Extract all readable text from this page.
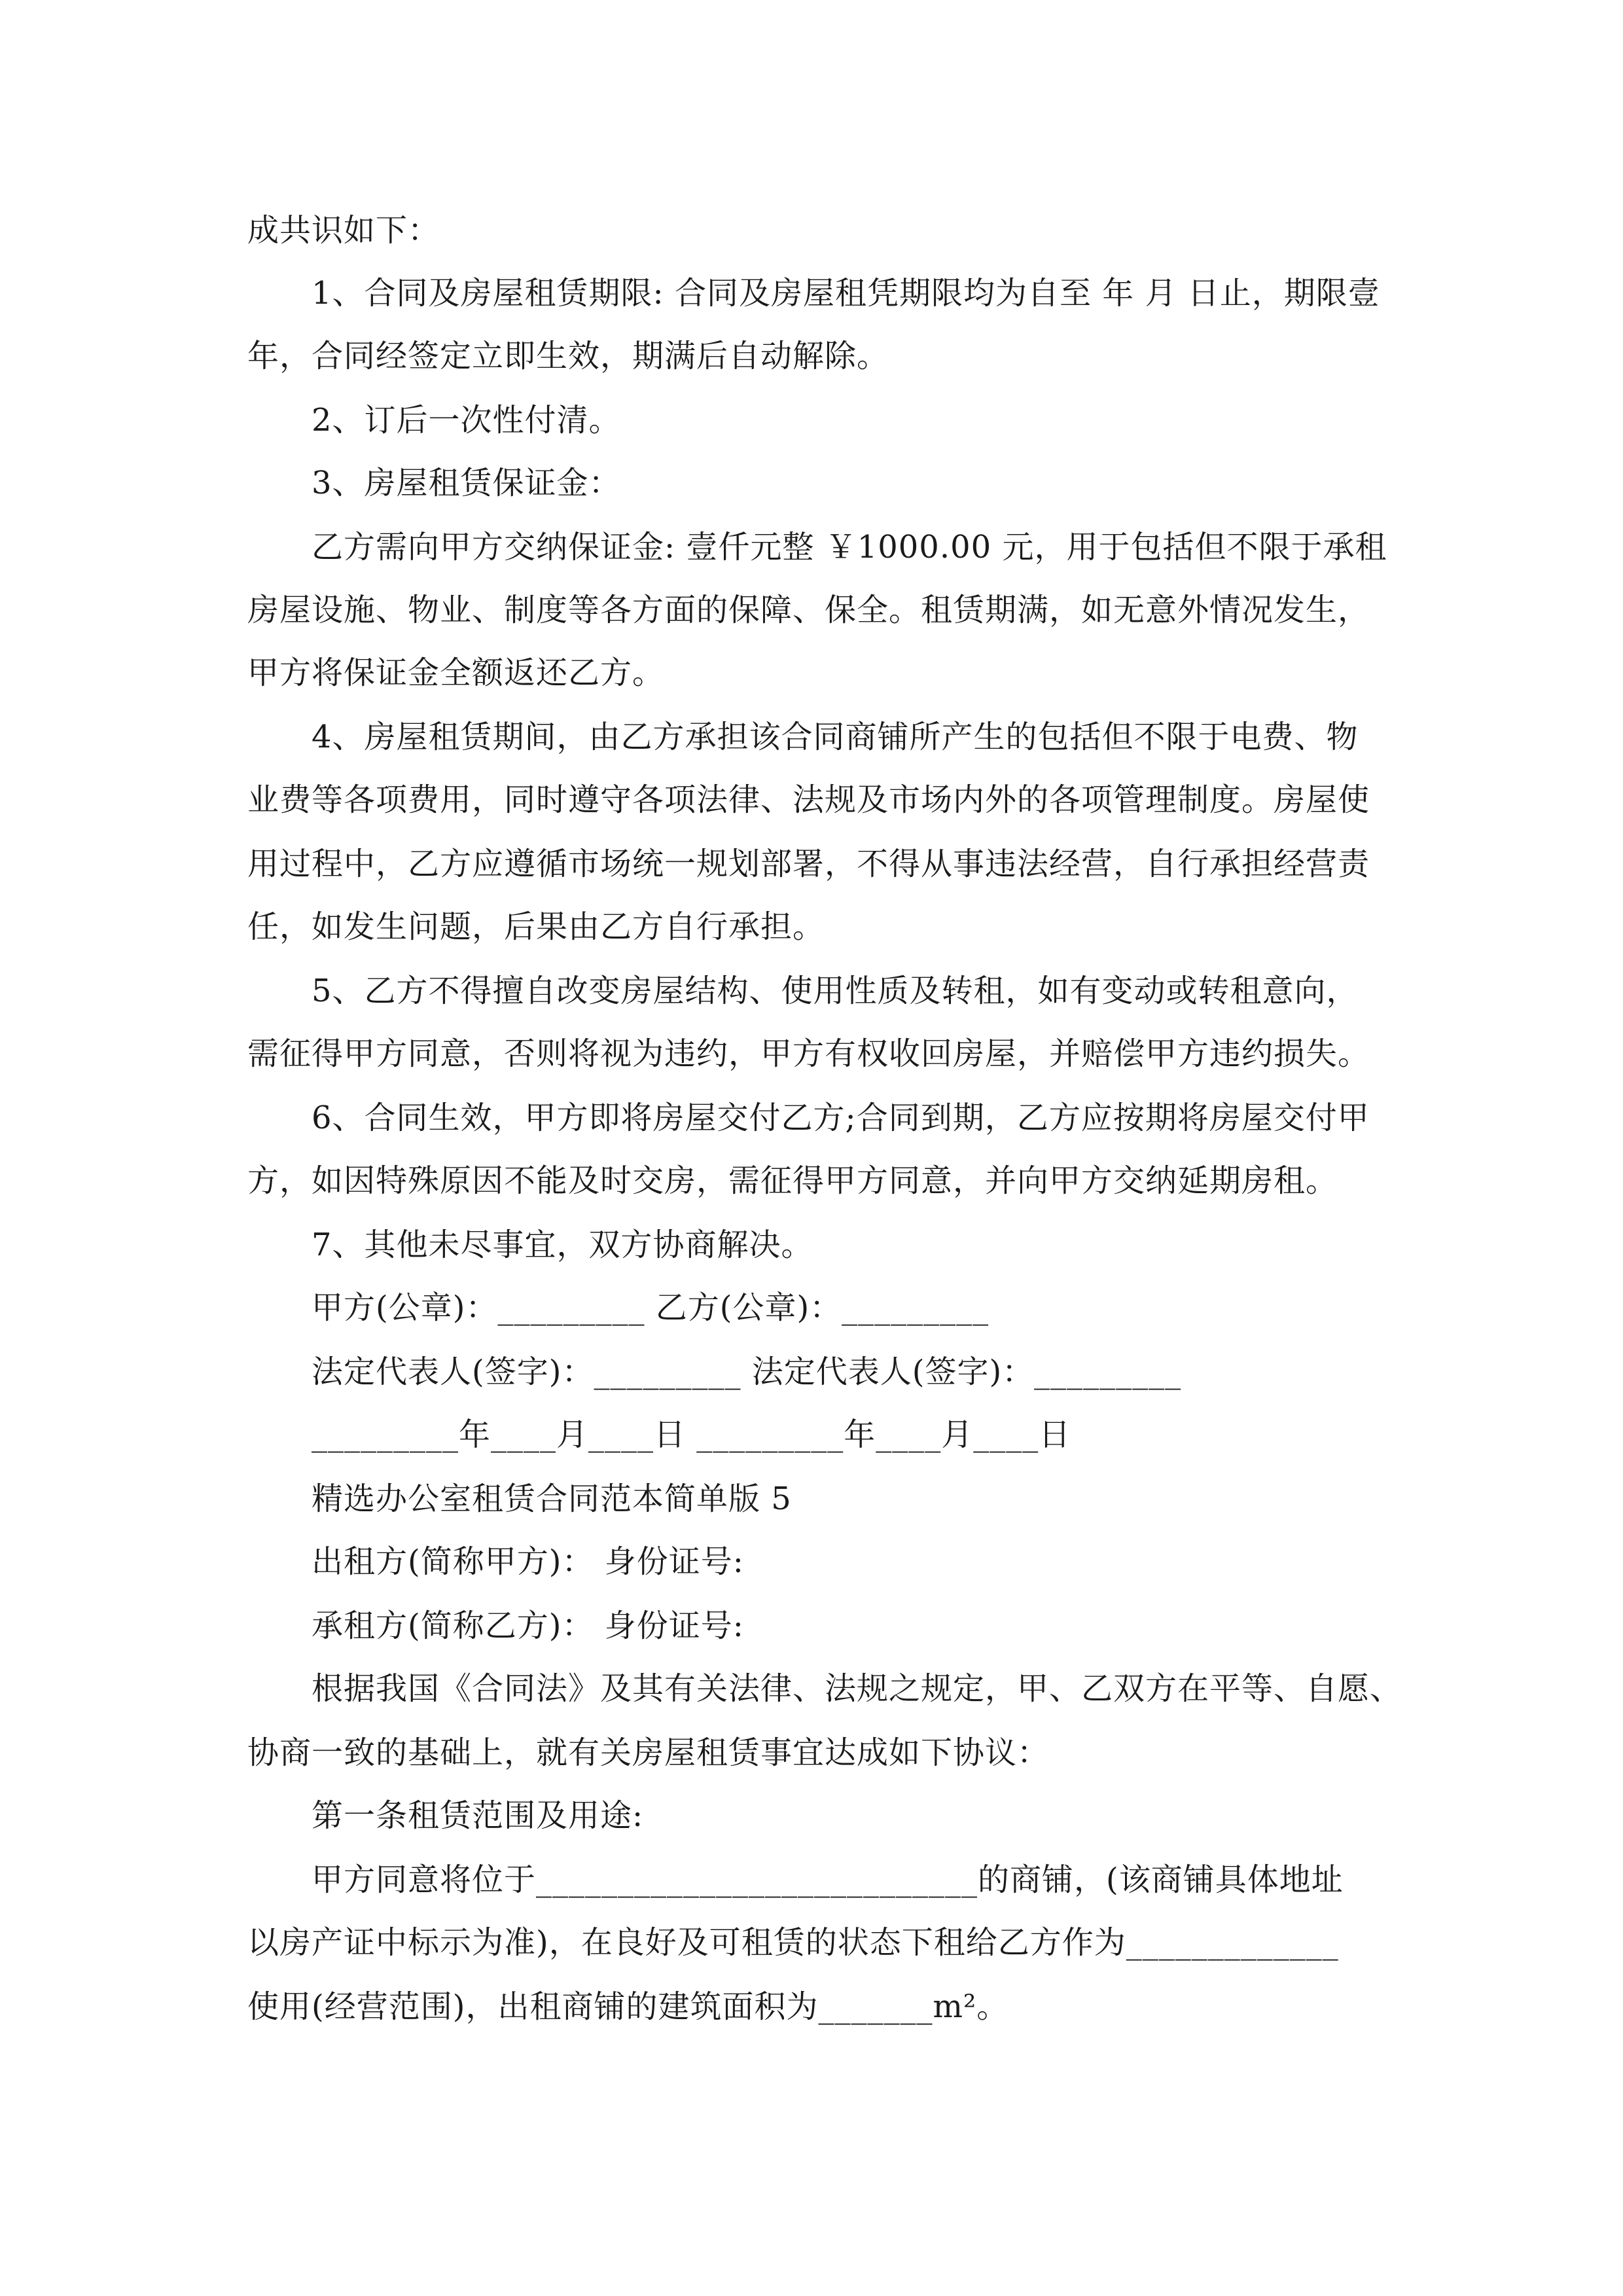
成共识如下：
1、合同及房屋租赁期限: 合同及房屋租凭期限均为自至 年 月 日止，期限壹
年，合同经签定立即生效，期满后自动解除。
2、订后一次性付清。
3、房屋租赁保证金：
乙方需向甲方交纳保证金: 壹仟元整 ￥1000.00 元，用于包括但不限于承租
房屋设施、物业、制度等各方面的保障、保全。租赁期满，如无意外情况发生，
甲方将保证金全额返还乙方。
4、房屋租赁期间，由乙方承担该合同商铺所产生的包括但不限于电费、物
业费等各项费用，同时遵守各项法律、法规及市场内外的各项管理制度。房屋使
用过程中，乙方应遵循市场统一规划部署，不得从事违法经营，自行承担经营责
任，如发生问题，后果由乙方自行承担。
5、乙方不得擅自改变房屋结构、使用性质及转租，如有变动或转租意向，
需征得甲方同意，否则将视为违约，甲方有权收回房屋，并赔偿甲方违约损失。
6、合同生效，甲方即将房屋交付乙方;合同到期，乙方应按期将房屋交付甲
方，如因特殊原因不能及时交房，需征得甲方同意，并向甲方交纳延期房租。
7、其他未尽事宜，双方协商解决。
甲方(公章)：_________ 乙方(公章)：_________
法定代表人(签字)：_________ 法定代表人(签字)：_________
_________年____月____日 _________年____月____日
精选办公室租赁合同范本简单版 5
出租方(简称甲方)： 身份证号:
承租方(简称乙方)： 身份证号:
根据我国《合同法》及其有关法律、法规之规定，甲、乙双方在平等、自愿、
协商一致的基础上，就有关房屋租赁事宜达成如下协议：
第一条租赁范围及用途:
甲方同意将位于___________________________的商铺，(该商铺具体地址
以房产证中标示为准)，在良好及可租赁的状态下租给乙方作为_____________
使用(经营范围)，出租商铺的建筑面积为_______m²。
